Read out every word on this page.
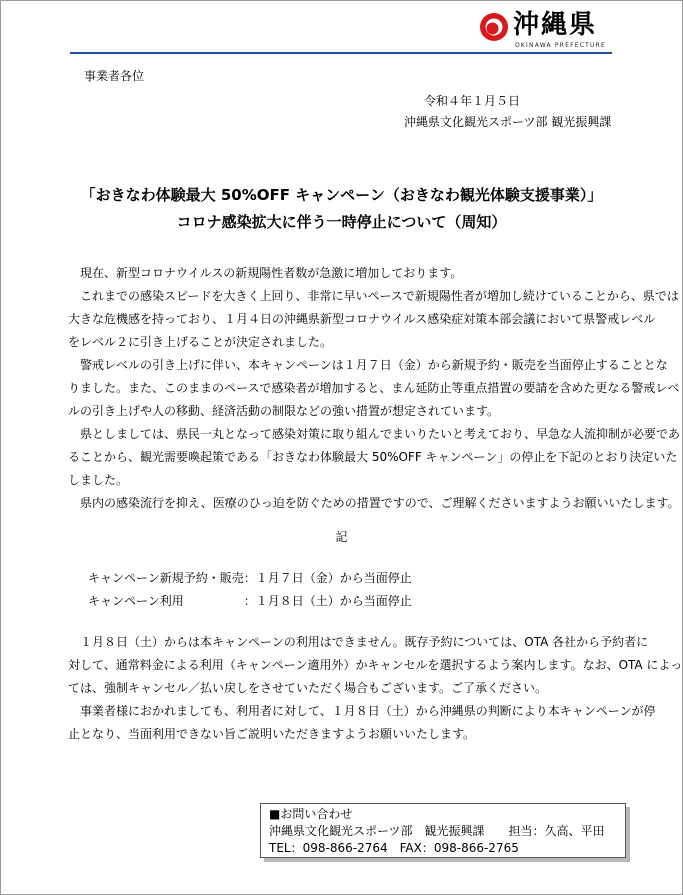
沖縄県
OKINAWA PREFECTURE
事業者各位
令和４年１月５日
沖縄県文化観光スポーツ部 観光振興課
「おきなわ体験最大 50%OFF キャンペーン（おきなわ観光体験支援事業）」
コロナ感染拡大に伴う一時停止について（周知）

　現在、新型コロナウイルスの新規陽性者数が急激に増加しております。

　これまでの感染スピードを大きく上回り、非常に早いペースで新規陽性者が増加し続けていることから、県では

大きな危機感を持っており、１月４日の沖縄県新型コロナウイルス感染症対策本部会議において県警戒レベル

をレベル２に引き上げることが決定されました。

　警戒レベルの引き上げに伴い、本キャンペーンは１月７日（金）から新規予約・販売を当面停止することとな

りました。また、このままのペースで感染者が増加すると、まん延防止等重点措置の要請を含めた更なる警戒レベ

ルの引き上げや人の移動、経済活動の制限などの強い措置が想定されています。

　県としましては、県民一丸となって感染対策に取り組んでまいりたいと考えており、早急な人流抑制が必要であ

ることから、観光需要喚起策である「おきなわ体験最大 50%OFF キャンペーン」の停止を下記のとおり決定いた

しました。

　県内の感染流行を抑え、医療のひっ迫を防ぐための措置ですので、ご理解くださいますようお願いいたします。

記
キャンペーン新規予約・販売：１月７日（金）から当面停止
キャンペーン利用　　　　　：１月８日（土）から当面停止

　１月８日（土）からは本キャンペーンの利用はできません。既存予約については、OTA 各社から予約者に

対して、通常料金による利用（キャンペーン適用外）かキャンセルを選択するよう案内します。なお、OTA によっ

ては、強制キャンセル／払い戻しをさせていただく場合もございます。ご了承ください。

　事業者様におかれましても、利用者に対して、１月８日（土）から沖縄県の判断により本キャンペーンが停

止となり、当面利用できない旨ご説明いただきますようお願いいたします。

■お問い合わせ
沖縄県文化観光スポーツ部　観光振興課　　担当：久高、平田
TEL：098-866-2764　FAX：098-866-2765
